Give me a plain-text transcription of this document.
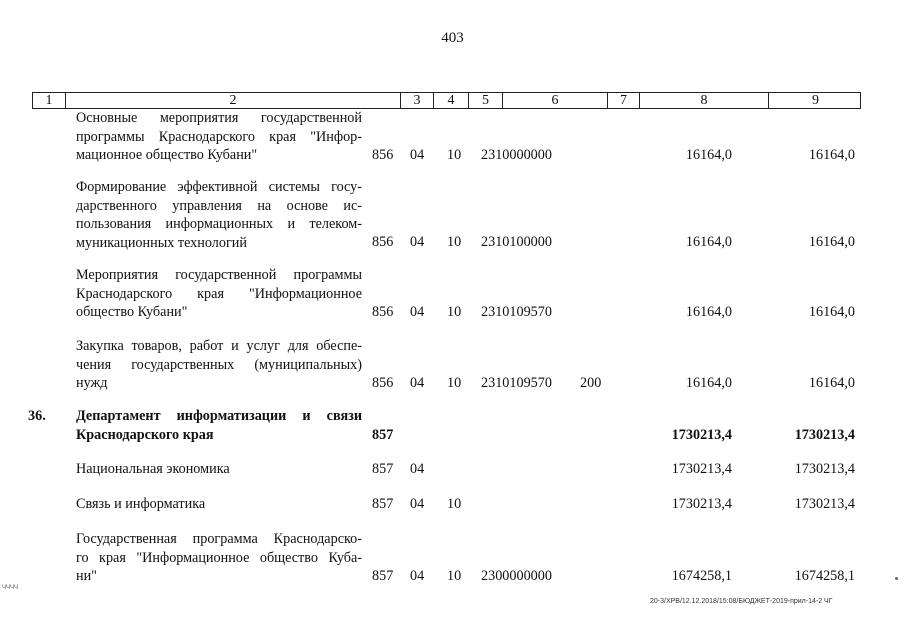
403
1	2	3	4	5	6	7	8	9
Основные мероприятия государственной
программы Краснодарского края "Инфор-
мационное общество Кубани"	856 04 10 2310000000	16164,0	16164,0
Формирование эффективной системы госу-
дарственного управления на основе ис-
пользования информационных и телеком-
муникационных технологий	856 04 10 2310100000	16164,0	16164,0
Мероприятия государственной программы
Краснодарского края "Информационное
общество Кубани"	856 04 10 2310109570	16164,0	16164,0
Закупка товаров, работ и услуг для обеспе-
чения государственных (муниципальных)
нужд	856 04 10 2310109570 200	16164,0	16164,0
36. Департамент информатизации и связи
Краснодарского края	857	1730213,4	1730213,4
Национальная экономика	857 04	1730213,4	1730213,4
Связь и информатика	857 04 10	1730213,4	1730213,4
Государственная программа Краснодарско-
го края "Информационное общество Куба-
ни"	857 04 10 2300000000	1674258,1	1674258,1
20-3/ХРВ/12.12.2018/15:08/БЮДЖЕТ-2019-прил-14-2 ЧГ
ЧЧЧЧ
